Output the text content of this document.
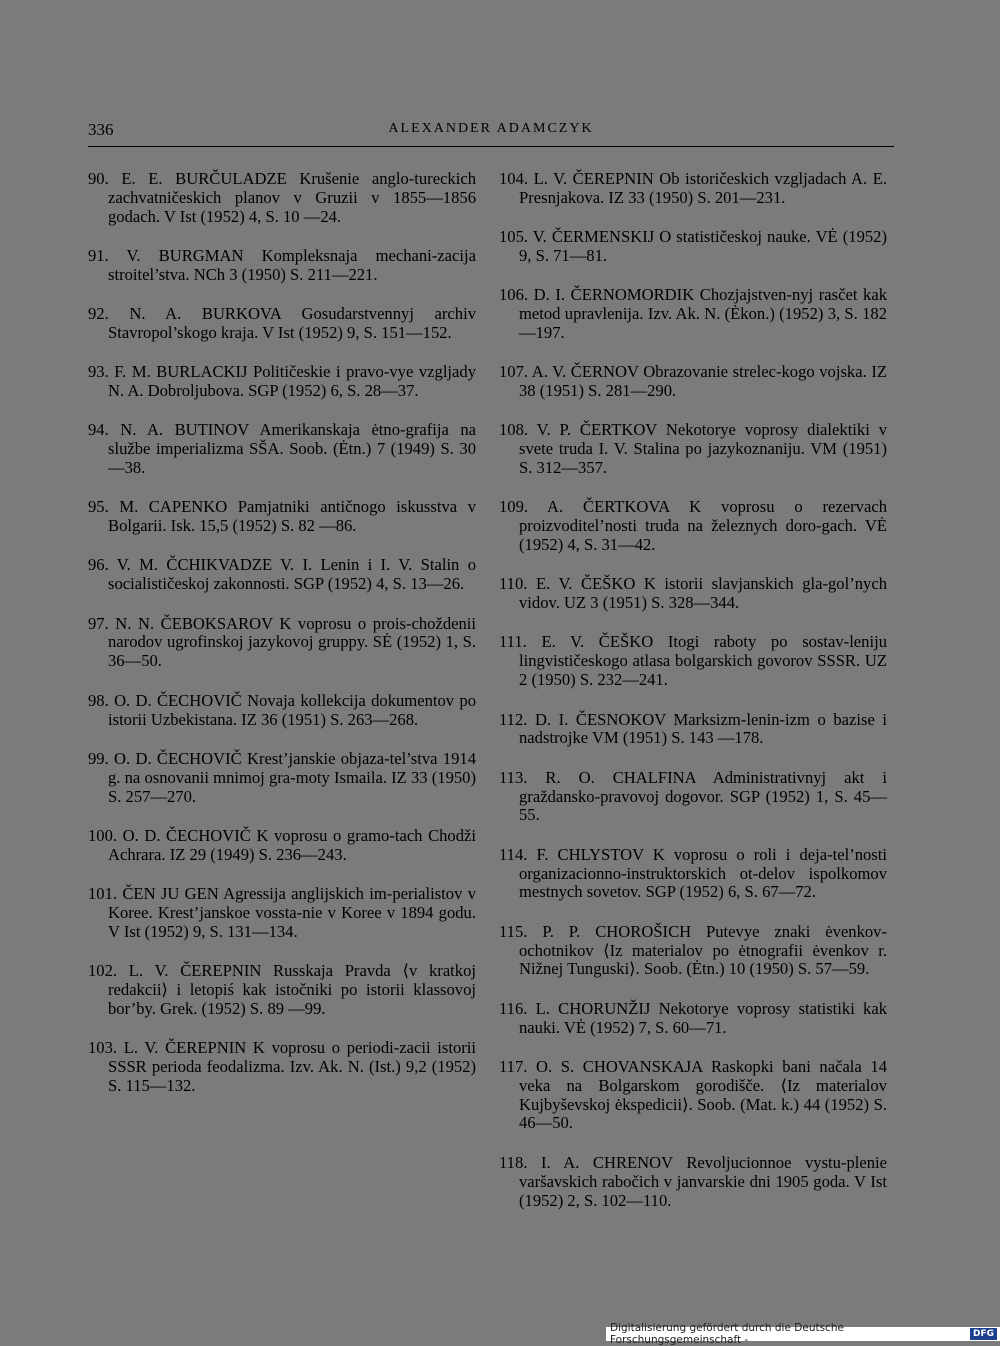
336	ALEXANDER ADAMCZYK

90. E. E. BURČULADZE Krušenie anglo-tureckich zachvatničeskich planov v Gruzii v 1855—1856 godach. V Ist (1952) 4, S. 10 —24.

91. V. BURGMAN Kompleksnaja mechani-zacija stroitel’stva. NCh 3 (1950) S. 211—221.

92. N. A. BURKOVA Gosudarstvennyj archiv Stavropol’skogo kraja. V Ist (1952) 9, S. 151—152.

93. F. M. BURLACKIJ Političeskie i pravo-vye vzgljady N. A. Dobroljubova. SGP (1952) 6, S. 28—37.

94. N. A. BUTINOV Amerikanskaja ėtno-grafija na službe imperializma SŠA. Soob. (Ėtn.) 7 (1949) S. 30—38.

95. M. CAPENKO Pamjatniki antičnogo iskusstva v Bolgarii. Isk. 15,5 (1952) S. 82 —86.

96. V. M. ČCHIKVADZE V. I. Lenin i I. V. Stalin o socialističeskoj zakonnosti. SGP (1952) 4, S. 13—26.

97. N. N. ČEBOKSAROV K voprosu o prois-choždenii narodov ugrofinskoj jazykovoj gruppy. SĖ (1952) 1, S. 36—50.

98. O. D. ČECHOVIČ Novaja kollekcija dokumentov po istorii Uzbekistana. IZ 36 (1951) S. 263—268.

99. O. D. ČECHOVIČ Krest’janskie objaza-tel’stva 1914 g. na osnovanii mnimoj gra-moty Ismaila. IZ 33 (1950) S. 257—270.

100. O. D. ČECHOVIČ K voprosu o gramo-tach Chodži Achrara. IZ 29 (1949) S. 236—243.

101. ČEN JU GEN Agressija anglijskich im-perialistov v Koree. Krest’janskoe vossta-nie v Koree v 1894 godu. V Ist (1952) 9, S. 131—134.

102. L. V. ČEREPNIN Russkaja Pravda ⟨v kratkoj redakcii⟩ i letopiś kak istočniki po istorii klassovoj bor’by. Grek. (1952) S. 89 —99.

103. L. V. ČEREPNIN K voprosu o periodi-zacii istorii SSSR perioda feodalizma. Izv. Ak. N. (Ist.) 9,2 (1952) S. 115—132.

104. L. V. ČEREPNIN Ob istoričeskich vzgljadach A. E. Presnjakova. IZ 33 (1950) S. 201—231.

105. V. ČERMENSKIJ O statističeskoj nauke. VĖ (1952) 9, S. 71—81.

106. D. I. ČERNOMORDIK Chozjajstven-nyj rasčet kak metod upravlenija. Izv. Ak. N. (Ėkon.) (1952) 3, S. 182—197.

107. A. V. ČERNOV Obrazovanie strelec-kogo vojska. IZ 38 (1951) S. 281—290.

108. V. P. ČERTKOV Nekotorye voprosy dialektiki v svete truda I. V. Stalina po jazykoznaniju. VM (1951) S. 312—357.

109. A. ČERTKOVA K voprosu o rezervach proizvoditel’nosti truda na železnych doro-gach. VĖ (1952) 4, S. 31—42.

110. E. V. ČEŠKO K istorii slavjanskich gla-gol’nych vidov. UZ 3 (1951) S. 328—344.

111. E. V. ČEŠKO Itogi raboty po sostav-leniju lingvističeskogo atlasa bolgarskich govorov SSSR. UZ 2 (1950) S. 232—241.

112. D. I. ČESNOKOV Marksizm-lenin-izm o bazise i nadstrojke VM (1951) S. 143 —178.

113. R. O. CHALFINA Administrativnyj akt i graždansko-pravovoj dogovor. SGP (1952) 1, S. 45—55.

114. F. CHLYSTOV K voprosu o roli i deja-tel’nosti organizacionno-instruktorskich ot-delov ispolkomov mestnych sovetov. SGP (1952) 6, S. 67—72.

115. P. P. CHOROŠICH Putevye znaki ėvenkov-ochotnikov ⟨Iz materialov po ėtnografii ėvenkov r. Nižnej Tunguski⟩. Soob. (Ėtn.) 10 (1950) S. 57—59.

116. L. CHORUNŽIJ Nekotorye voprosy statistiki kak nauki. VĖ (1952) 7, S. 60—71.

117. O. S. CHOVANSKAJA Raskopki bani načala 14 veka na Bolgarskom gorodišče. ⟨Iz materialov Kujbyševskoj ėkspedicii⟩. Soob. (Mat. k.) 44 (1952) S. 46—50.

118. I. A. CHRENOV Revoljucionnoe vystu-plenie varšavskich rabočich v janvarskie dni 1905 goda. V Ist (1952) 2, S. 102—110.

Digitalisierung gefördert durch die Deutsche Forschungsgemeinschaft -	DFG
